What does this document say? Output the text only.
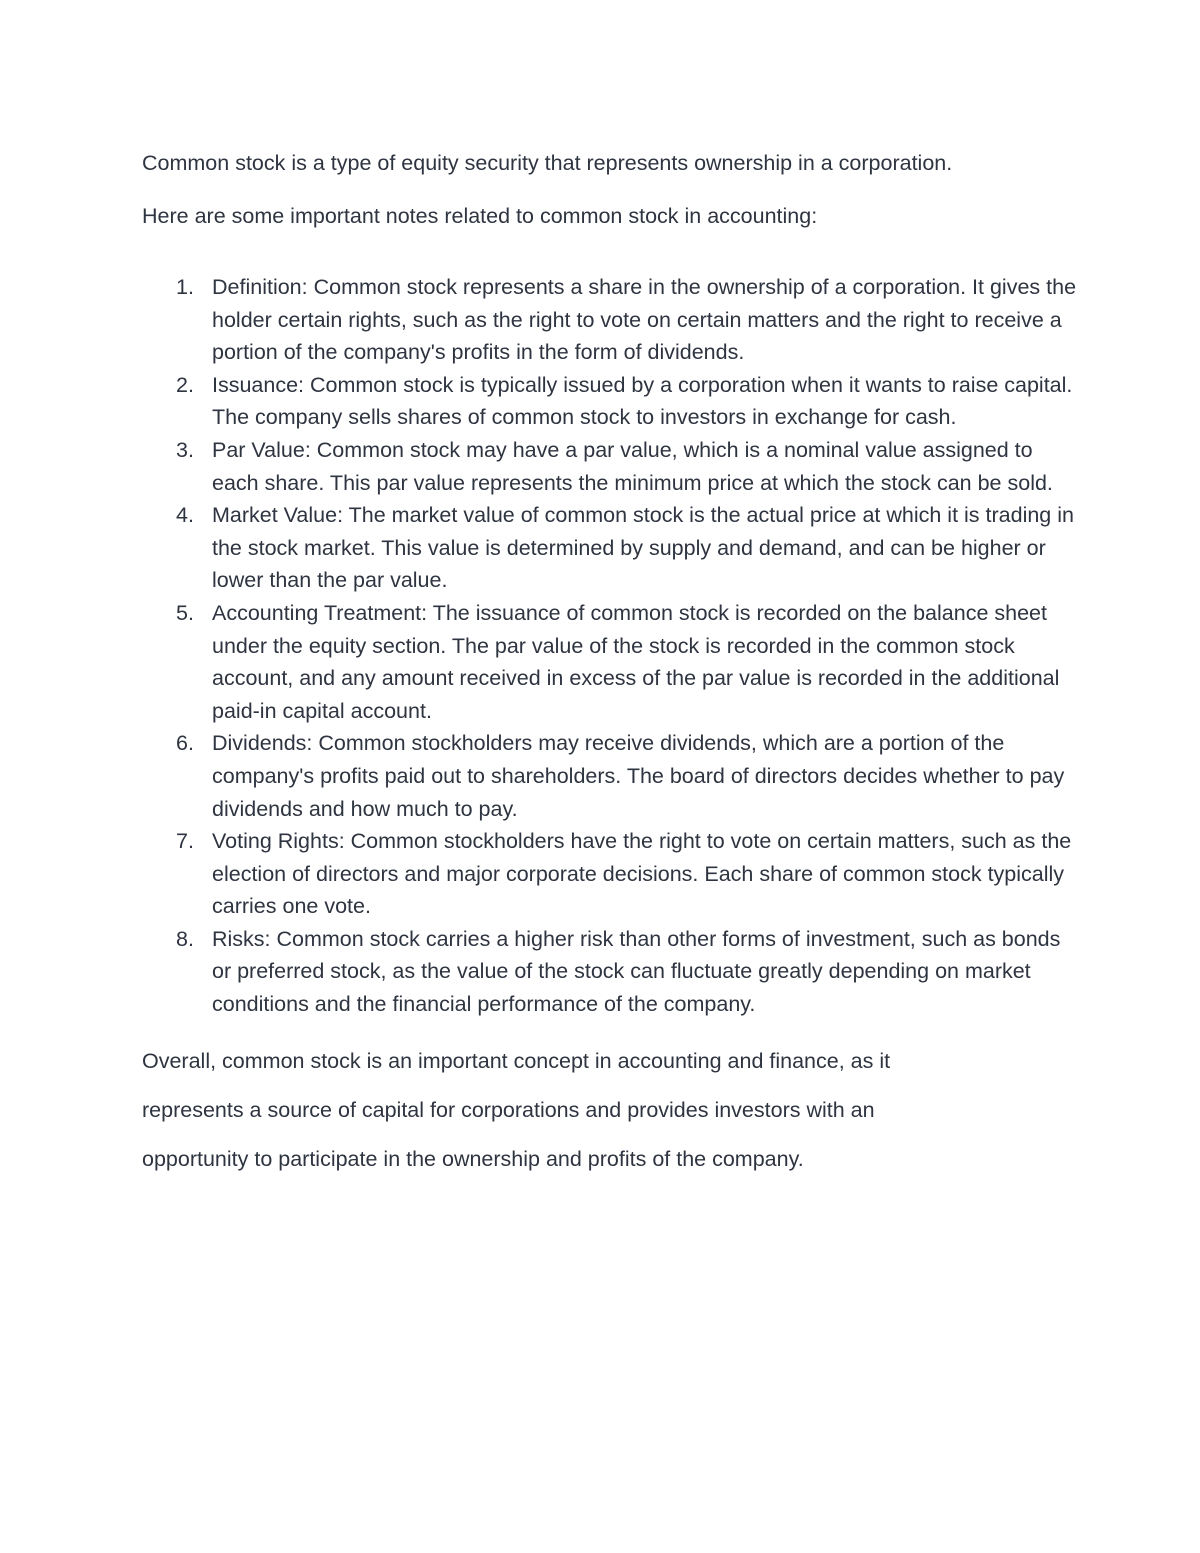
Common stock is a type of equity security that represents ownership in a corporation.

Here are some important notes related to common stock in accounting:

1. Definition: Common stock represents a share in the ownership of a corporation. It gives the holder certain rights, such as the right to vote on certain matters and the right to receive a portion of the company's profits in the form of dividends.
2. Issuance: Common stock is typically issued by a corporation when it wants to raise capital. The company sells shares of common stock to investors in exchange for cash.
3. Par Value: Common stock may have a par value, which is a nominal value assigned to each share. This par value represents the minimum price at which the stock can be sold.
4. Market Value: The market value of common stock is the actual price at which it is trading in the stock market. This value is determined by supply and demand, and can be higher or lower than the par value.
5. Accounting Treatment: The issuance of common stock is recorded on the balance sheet under the equity section. The par value of the stock is recorded in the common stock account, and any amount received in excess of the par value is recorded in the additional paid-in capital account.
6. Dividends: Common stockholders may receive dividends, which are a portion of the company's profits paid out to shareholders. The board of directors decides whether to pay dividends and how much to pay.
7. Voting Rights: Common stockholders have the right to vote on certain matters, such as the election of directors and major corporate decisions. Each share of common stock typically carries one vote.
8. Risks: Common stock carries a higher risk than other forms of investment, such as bonds or preferred stock, as the value of the stock can fluctuate greatly depending on market conditions and the financial performance of the company.

Overall, common stock is an important concept in accounting and finance, as it represents a source of capital for corporations and provides investors with an opportunity to participate in the ownership and profits of the company.
